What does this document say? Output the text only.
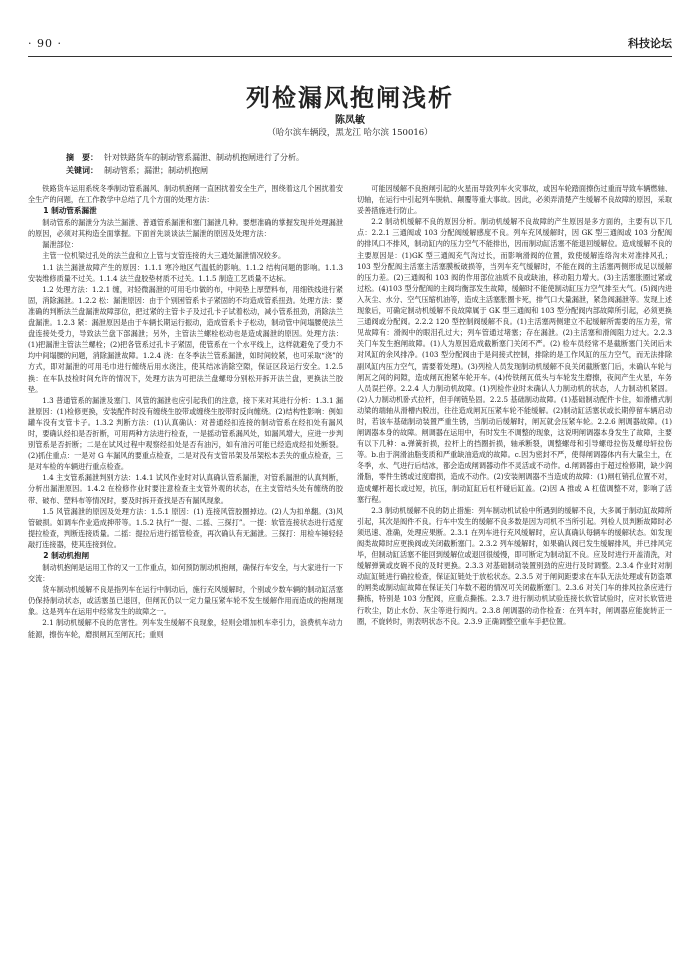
· 90 ·	科技论坛
列检漏风抱闸浅析
陈凤敏
（哈尔滨车辆段，黑龙江 哈尔滨 150016）
摘　要： 针对铁路货车的制动管系漏泄、制动机抱闸进行了分析。
关键词： 制动管系；漏泄；制动机抱闸

铁路货车运用系统冬季制动管系漏风、制动机抱闸一直困扰着安全生产，围绕着这几个困扰着安全生产的问题，在工作教学中总结了几个方面的处理方法：

1 制动管系漏泄

制动管系的漏泄分为法兰漏泄、普通管系漏泄和塞门漏泄几种。要想准确的掌握发现并处理漏泄的原因，必须对其构造全面掌握。下面首先谈谈法兰漏泄的原因及处理方法：

漏泄部位：

主管一位机梁过孔处的法兰盘和立上管与支管连接的大三通处漏泄情况较多。

1.1 法兰漏泄故障产生的原因：1.1.1 寒冷地区气温低的影响。1.1.2 结构问题的影响。1.1.3 安装维修质量不过关。1.1.4 法兰盘胶垫材质不过关。1.1.5 制造工艺质量不达标。

1.2 处理方法：1.2.1 缠，对轻微漏泄的可用毛巾做的布，中间垫上厚塑料布，用细铁线进行紧固，消除漏泄。1.2.2 松：漏泄原因：由于个别困管系卡子紧固的不均造成管系扭劲。处理方法：要准确的判断法兰盘漏泄故障部位，把过紧的主管卡子及过孔卡子试着松动，减小管系扭劲，消除法兰盘漏泄。1.2.3 紧：漏泄原因是由于车辆长期运行振动，造成管系卡子松动，制动管中间塌腰使法兰盘连接处受力，导致法兰盘下部漏泄；另外，主管法兰螺栓松动也是造成漏泄的原因。处理方法：(1)把漏泄主管法兰螺栓；(2)把各管系过孔卡子紧固，使管系在一个水平线上，这样就避免了受力不均中间塌腰的问题，消除漏泄故障。1.2.4 浇：在冬季法兰管系漏泄，如时间较紧，也可采取“浇”的方式，即对漏泄的可用毛巾进行缠绕后用水浇注，使其结冰消除空隙，保证区段运行安全。1.2.5 换：在车队技检时间允许的情况下，处理方法为可把法兰盘螺母分别松开拆开法兰盘，更换法兰胶垫。

1.3 普通管系的漏泄及塞门、风管的漏泄也应引起我们的注意，接下来对其进行分析：1.3.1 漏泄原因：(1)检修更换，安装配件时没有缠绕生胶带或缠绕生胶带时反向缠绕。(2)结构性影响：例如罐车没有支管卡子。1.3.2 判断方法：(1)认真确认：对普通经扣连接的制动管系在经扣处有漏风时，要确认经扣是否折断，可用两种方法进行检查，一是摇动管系漏风处，如漏风增大，应进一步判别管系是否折断；二是在试风过程中观察经扣处是否有油污，如有油污可能已经造成经扣处断裂。(2)抓住重点：一是对 G 车漏风的要重点检查，二是对没有支管吊架及吊架松本丢失的重点检查，三是对车检的车辆进行重点检查。

1.4 主支管系漏泄判别方法：1.4.1 试风作业时对认真确认管系漏泄，对管系漏泄的认真判断，分析出漏泄原因。1.4.2 在检修作业时要注意检查主支管外观的状态，在主支管结头处有缠绕的胶带、破布、塑料布等情况时，要及时拆开查找是否有漏风现象。

1.5 风管漏泄的原因及处理方法：1.5.1 原因：(1) 连接风管胶圈掉边。(2)人为扣单翻。(3)风管破损。如调车作业造成抻带等。1.5.2 执行“一提、二摇、三探打”。一提：软管连接状态进行适度提拉检查，判断连接质量。二摇：提拉后进行摇管检查，再次确认有无漏泄。三探打：用检车锤轻轻敲打连接器，使其连接到位。

2 制动机抱闸

制动机抱闸是运用工作的又一工作重点，如何预防制动机抱闸，确保行车安全，与大家进行一下交流：

货车制动机缓解不良是指列车在运行中制动后，施行充风缓解时，个别或少数车辆的制动缸活塞仍保持制动状态，或活塞虽已退回，但闸瓦仍以一定力量压紧车轮不发生缓解作用而造成的抱闸现象。这是列车在运用中经常发生的故障之一。

2.1 制动机缓解不良的危害性。列车发生缓解不良现象，轻则会增加机车牵引力，浪费机车动力能源，擦伤车轮，磨损闸瓦至闸瓦托；重则

可能因缓解不良抱闸引起的火星而导致列车火灾事故，或因车轮踏面擦伤过重而导致车辆燃轴、切轴，在运行中引起列车脱轨、颠覆等重大事故。因此，必须弄清楚产生缓解不良故障的原因，采取妥善措施进行防止。

2.2 制动机缓解不良的原因分析。制动机缓解不良故障的产生原因是多方面的，主要有以下几点：2.2.1 三通阀或 103 分配阀缓解感度不良。列车充风缓解时，因 GK 型三通阀或 103 分配阀的排风口不排风，制动缸内的压力空气不能排出，因而制动缸活塞不能退回缓解位。造成缓解不良的主要原因是：(1)GK 型三通阀充气沟过长，而影响滑阀的位置，致使缓解连络沟未对准排风孔；103 型分配阀主活塞主活塞膜板破损等，当列车充气缓解时，不能在阀的主活塞两侧形成足以缓解的压力差。(2)三通阀和 103 阀的作用部位油质不良或缺油，移动阻力增大。(3)主活塞胀圈过紧或过松。(4)103 型分配阀的主阀均衡部发生故障，缓解时不能使制动缸压力空气排至大气。(5)阀内进入灰尘、水分、空气压缩机油等，造成主活塞胀圈卡死，排气口大量漏泄，紧急阀漏泄等。发现上述现象后，可确定制动机缓解不良故障属于 GK 型三通阀和 103 型分配阀内部故障所引起，必须更换三通阀或分配阀。2.2.2 120 型控制阀缓解不良。(1)主活塞两侧建立不起缓解所需要的压力差，常见故障有：滑阀中的眼泪孔过大；列车管通过堵塞；存在漏泄。(2)主活塞和滑阀阻力过大。2.2.3 关门车发生抱闸故障。(1)人为原因造成截断塞门关闭不严。(2) 检车员经常不是截断塞门关闭后未对风缸的余风排净。(103 型分配阀由于是间接式控制，排除的是工作风缸的压力空气，而无法排除副风缸内压力空气，需要着处理)。(3)列检人员发现制动机缓解不良关闭截断塞门后，未确认车轮与闸瓦之间的间隙，造成闸瓦抱紧车轮开车。(4)传铁闸瓦低头与车轮发生磨擦，夜间产生火星，车务人员误拦停。2.2.4 人力制动机故障。(1)列检作业时未确认人力制动机的状态，人力制动机紧固。(2)人力制动机卧式拉杆，但手闸链坠固。2.2.5 基础制动故障。(1)基础制动配件卡住，如滑槽式制动梁的端轴从滑槽内脱出，往往造成闸瓦压紧车轮不能缓解。(2)制动缸活塞状或长期停留车辆启动时，若该车基础制动装置严重生锈，当制动后缓解时，闸瓦就会压紧车轮。2.2.6 闸调器故障。(1)闸调器本身的故障。闸调器在运用中，有时发生不调整的现象，这说明闸调器本身发生了故障，主要有以下几种：a.弹簧折损，拉杆上的挡圈折损，轴承断裂，调整螺母和引导螺母拉伤及螺母轩拉伤等。b.由于润滑油脂变质和严重缺油造成的故障。c.因为密封不严，使得闸调器体内有大量尘土，在冬季，水、气进行后结冰，都会造成闸调器动作不灵活或不动作。d.闸调器由于超过检修期，缺少润滑脂，零件生锈或过度磨损，造成不动作。(2)安装闸调器不当造成的故障：(1)闸杠销孔位置不对，造成螺杆超长或过短，抗压，制动缸缸后杠杆碰后缸盖。(2)因 A 推或 A 杠值调整不对，影响了活塞行程。

2.3 制动机缓解不良的防止措施：列车制动机试验中所遇到的缓解不良，大多属于制动缸故障所引起，其次是阀件不良。行车中发生的缓解不良多数是因为司机不当所引起。列检人员判断故障时必须迅速、准确，处理应果断。2.3.1 在列车进行充风缓解时，应认真确认每辆车的缓解状态。如发现阀类故障时应更换阀或关闭截断塞门。2.3.2 列车缓解时，如果确认阀已发生缓解排风，并已排风完毕，但制动缸活塞不能回到缓解位或退回很缓慢，即可断定为制动缸不良。应及时进行开盖清洗，对缓解弹簧或皮碗不良的及时更换。2.3.3 对基础制动装置别劲的应进行及时调整。2.3.4 作业时对制动缸缸链进行确拉检查，保证缸链处于放松状态。2.3.5 对于闸间距要求在车队无法处理或有防盗罩的闸类或制动缸故障在保证关门车数不超的情况可关闭截断塞门。2.3.6 对关门车的排风拉条应进行撕拣，特别是 103 分配阀，应重点撕拣。2.3.7 进行制动机试验连接长软管试验时，应对长软管进行吹尘，防止水份、灰尘等进行阀内。2.3.8 闸调器的动作检查：在列车时，闸调器应能旋转正一圈，不旋转时，则表明状态不良。2.3.9 正确调整空重车手把位置。
